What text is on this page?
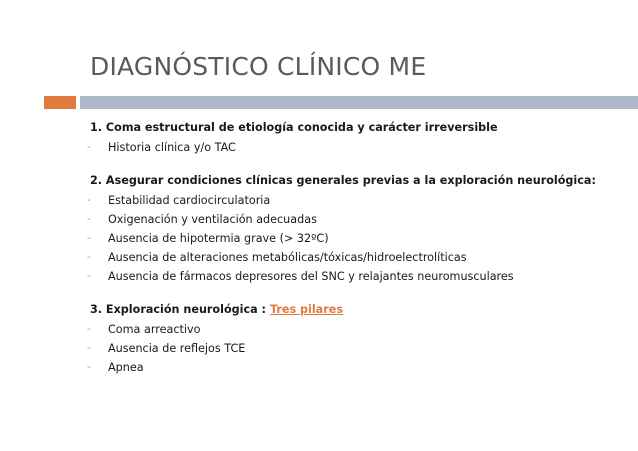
DIAGNÓSTICO CLÍNICO ME
1. Coma estructural de etiología conocida y carácter irreversible
- Historia clínica y/o TAC
2. Asegurar condiciones clínicas generales previas a la exploración neurológica:
- Estabilidad cardiocirculatoria
- Oxigenación y ventilación adecuadas
- Ausencia de hipotermia grave (> 32ºC)
- Ausencia de alteraciones metabólicas/tóxicas/hidroelectrolíticas
- Ausencia de fármacos depresores del SNC y relajantes neuromusculares
3. Exploración neurológica : Tres pilares
- Coma arreactivo
- Ausencia de reflejos TCE
- Apnea
